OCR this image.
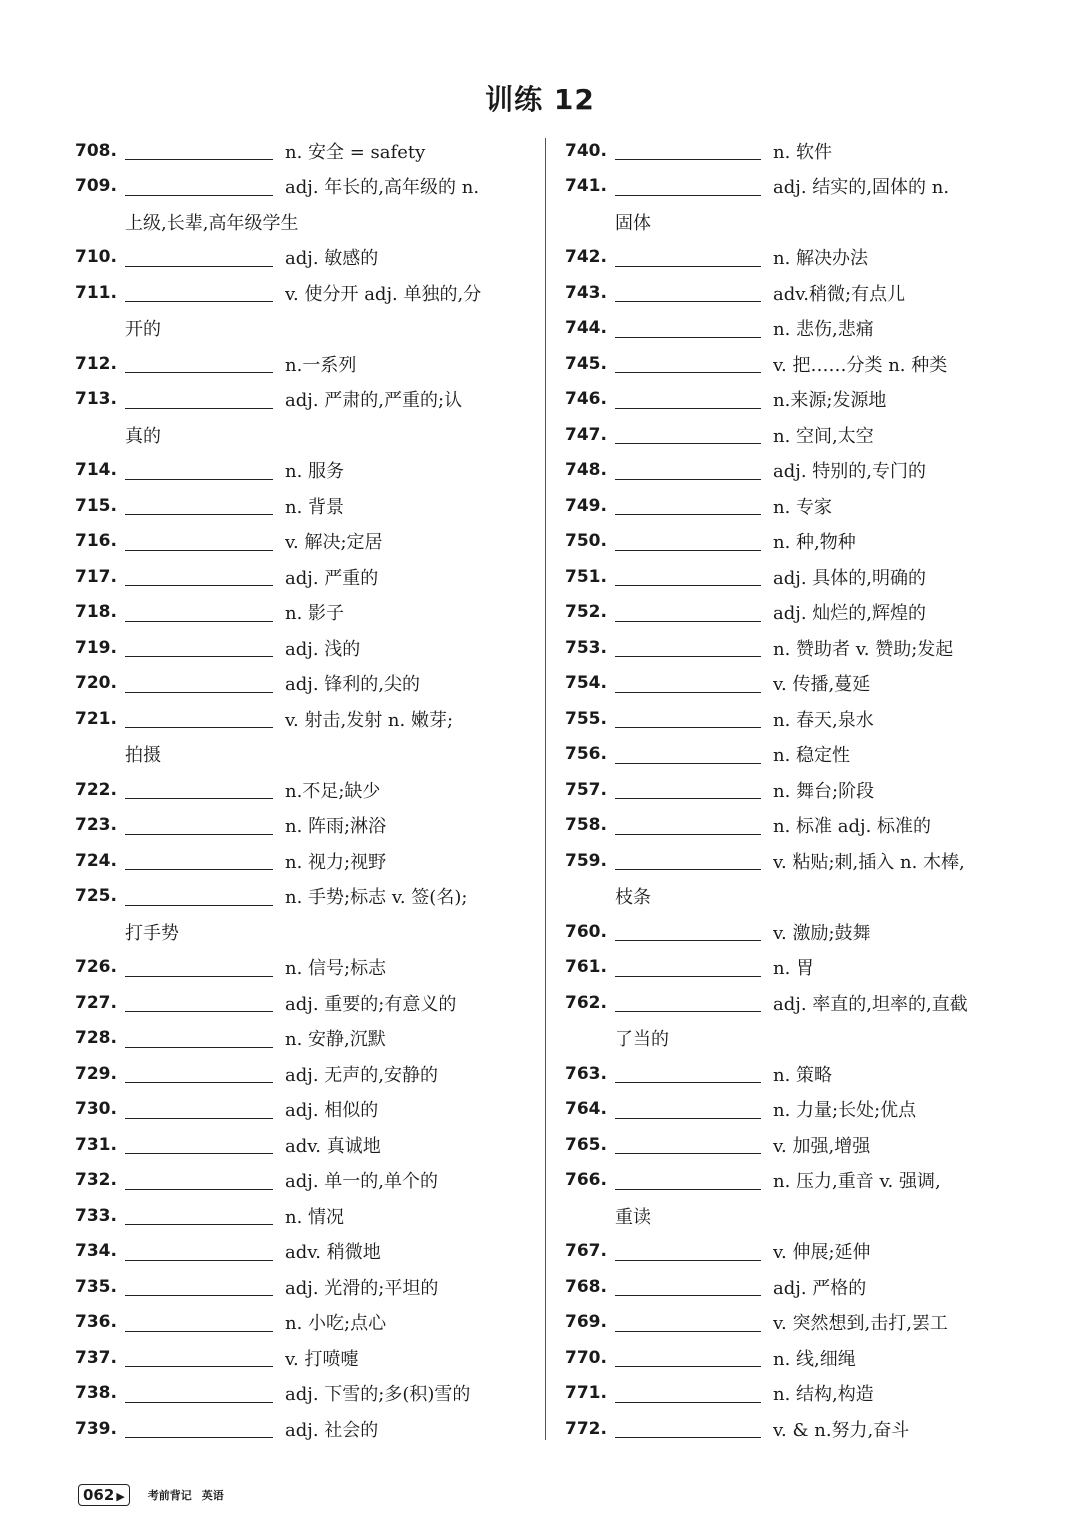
训练 12
708.	n. 安全 = safety
709.	adj. 年长的,高年级的 n.
上级,长辈,高年级学生
710.	adj. 敏感的
711.	v. 使分开 adj. 单独的,分
开的
712.	n.一系列
713.	adj. 严肃的,严重的;认
真的
714.	n. 服务
715.	n. 背景
716.	v. 解决;定居
717.	adj. 严重的
718.	n. 影子
719.	adj. 浅的
720.	adj. 锋利的,尖的
721.	v. 射击,发射 n. 嫩芽;
拍摄
722.	n.不足;缺少
723.	n. 阵雨;淋浴
724.	n. 视力;视野
725.	n. 手势;标志 v. 签(名);
打手势
726.	n. 信号;标志
727.	adj. 重要的;有意义的
728.	n. 安静,沉默
729.	adj. 无声的,安静的
730.	adj. 相似的
731.	adv. 真诚地
732.	adj. 单一的,单个的
733.	n. 情况
734.	adv. 稍微地
735.	adj. 光滑的;平坦的
736.	n. 小吃;点心
737.	v. 打喷嚏
738.	adj. 下雪的;多(积)雪的
739.	adj. 社会的
740.	n. 软件
741.	adj. 结实的,固体的 n.
固体
742.	n. 解决办法
743.	adv.稍微;有点儿
744.	n. 悲伤,悲痛
745.	v. 把……分类 n. 种类
746.	n.来源;发源地
747.	n. 空间,太空
748.	adj. 特别的,专门的
749.	n. 专家
750.	n. 种,物种
751.	adj. 具体的,明确的
752.	adj. 灿烂的,辉煌的
753.	n. 赞助者 v. 赞助;发起
754.	v. 传播,蔓延
755.	n. 春天,泉水
756.	n. 稳定性
757.	n. 舞台;阶段
758.	n. 标准 adj. 标准的
759.	v. 粘贴;刺,插入 n. 木棒,
枝条
760.	v. 激励;鼓舞
761.	n. 胃
762.	adj. 率直的,坦率的,直截
了当的
763.	n. 策略
764.	n. 力量;长处;优点
765.	v. 加强,增强
766.	n. 压力,重音 v. 强调,
重读
767.	v. 伸展;延伸
768.	adj. 严格的
769.	v. 突然想到,击打,罢工
770.	n. 线,细绳
771.	n. 结构,构造
772.	v. & n.努力,奋斗
062 ▶	考前背记 英语
